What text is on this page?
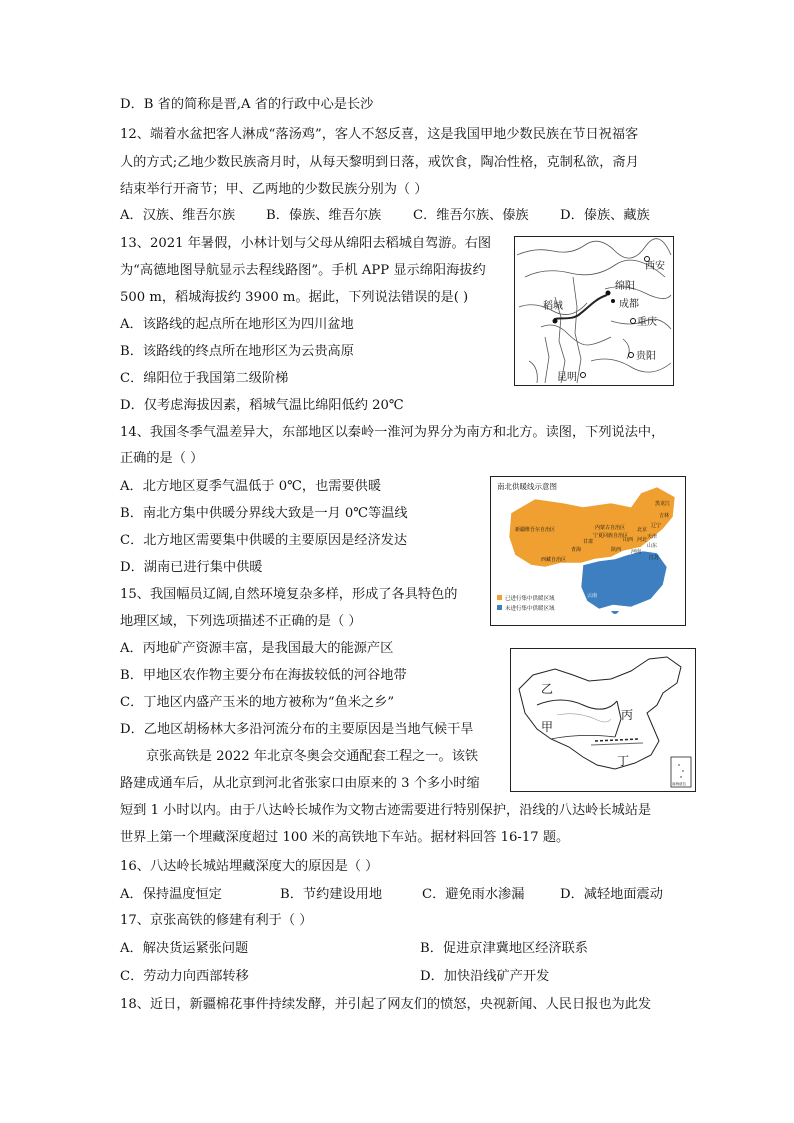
D．B 省的简称是晋,A 省的行政中心是长沙
12、端着水盆把客人淋成“落汤鸡”，客人不怒反喜，这是我国甲地少数民族在节日祝福客
人的方式;乙地少数民族斋月时，从每天黎明到日落，戒饮食，陶冶性格，克制私欲，斋月
结束举行开斋节；甲、乙两地的少数民族分别为（ ）
A．汉族、维吾尔族 B．傣族、维吾尔族 C．维吾尔族、傣族 D．傣族、藏族
13、2021 年暑假，小林计划与父母从绵阳去稻城自驾游。右图
为“高德地图导航显示去程线路图”。手机 APP 显示绵阳海拔约
500 m，稻城海拔约 3900 m。据此，下列说法错误的是( )
A．该路线的起点所在地形区为四川盆地
B．该路线的终点所在地形区为云贵高原
C．绵阳位于我国第二级阶梯
D．仅考虑海拔因素，稻城气温比绵阳低约 20℃
14、我国冬季气温差异大，东部地区以秦岭一淮河为界分为南方和北方。读图，下列说法中，
正确的是（ ）
A．北方地区夏季气温低于 0℃，也需要供暖
B．南北方集中供暖分界线大致是一月 0℃等温线
C．北方地区需要集中供暖的主要原因是经济发达
D．湖南已进行集中供暖
15、我国幅员辽阔,自然环境复杂多样，形成了各具特色的
地理区域，下列选项描述不正确的是（ ）
A．丙地矿产资源丰富，是我国最大的能源产区
B．甲地区农作物主要分布在海拔较低的河谷地带
C．丁地区内盛产玉米的地方被称为“鱼米之乡”
D．乙地区胡杨林大多沿河流分布的主要原因是当地气候干旱
京张高铁是 2022 年北京冬奥会交通配套工程之一。该铁
路建成通车后，从北京到河北省张家口由原来的 3 个多小时缩
短到 1 小时以内。由于八达岭长城作为文物古迹需要进行特别保护，沿线的八达岭长城站是
世界上第一个埋藏深度超过 100 米的高铁地下车站。据材料回答 16-17 题。
16、八达岭长城站埋藏深度大的原因是（ ）
A．保持温度恒定	B．节约建设用地	C．避免雨水渗漏	D．减轻地面震动
17、京张高铁的修建有利于（ ）
A．解决货运紧张问题	B．促进京津冀地区经济联系
C．劳动力向西部转移	D．加快沿线矿产开发
18、近日，新疆棉花事件持续发酵，并引起了网友们的愤怒，央视新闻、人民日报也为此发
西安
绵阳
成都
稻城
重庆
贵阳
昆明
南北供暖线示意图
黑龙江
吉林
辽宁
北京
天津
河北
山东
山西
内蒙古自治区
宁夏回族自治区
甘肃
青海
新疆维吾尔自治区
西藏自治区
陕西 河南
江苏
云南
已进行集中供暖区域
未进行集中供暖区域
南海诸岛
乙
丙
甲
丁
